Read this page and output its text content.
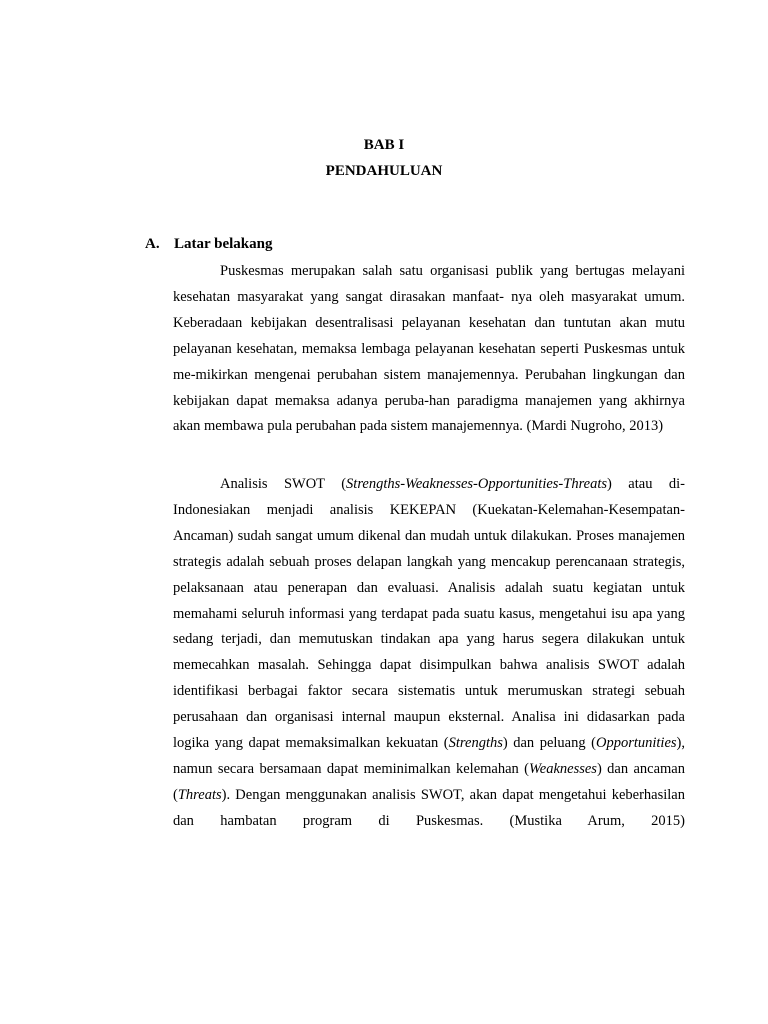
BAB I
PENDAHULUAN
A. Latar belakang

Puskesmas merupakan salah satu organisasi publik yang bertugas melayani kesehatan masyarakat yang sangat dirasakan manfaat- nya oleh masyarakat umum. Keberadaan kebijakan desentralisasi pelayanan kesehatan dan tuntutan akan mutu pelayanan kesehatan, memaksa lembaga pelayanan kesehatan seperti Puskesmas untuk me-mikirkan mengenai perubahan sistem manajemennya. Perubahan lingkungan dan kebijakan dapat memaksa adanya peruba-han paradigma manajemen yang akhirnya akan membawa pula perubahan pada sistem manajemennya. (Mardi Nugroho, 2013)

Analisis SWOT (Strengths-Weaknesses-Opportunities-Threats) atau di-Indonesiakan menjadi analisis KEKEPAN (Kuekatan-Kelemahan-Kesempatan-Ancaman) sudah sangat umum dikenal dan mudah untuk dilakukan. Proses manajemen strategis adalah sebuah proses delapan langkah yang mencakup perencanaan strategis, pelaksanaan atau penerapan dan evaluasi. Analisis adalah suatu kegiatan untuk memahami seluruh informasi yang terdapat pada suatu kasus, mengetahui isu apa yang sedang terjadi, dan memutuskan tindakan apa yang harus segera dilakukan untuk memecahkan masalah. Sehingga dapat disimpulkan bahwa analisis SWOT adalah identifikasi berbagai faktor secara sistematis untuk merumuskan strategi sebuah perusahaan dan organisasi internal maupun eksternal. Analisa ini didasarkan pada logika yang dapat memaksimalkan kekuatan (Strengths) dan peluang (Opportunities), namun secara bersamaan dapat meminimalkan kelemahan (Weaknesses) dan ancaman (Threats). Dengan menggunakan analisis SWOT, akan dapat mengetahui keberhasilan dan hambatan program di Puskesmas. (Mustika Arum, 2015)
